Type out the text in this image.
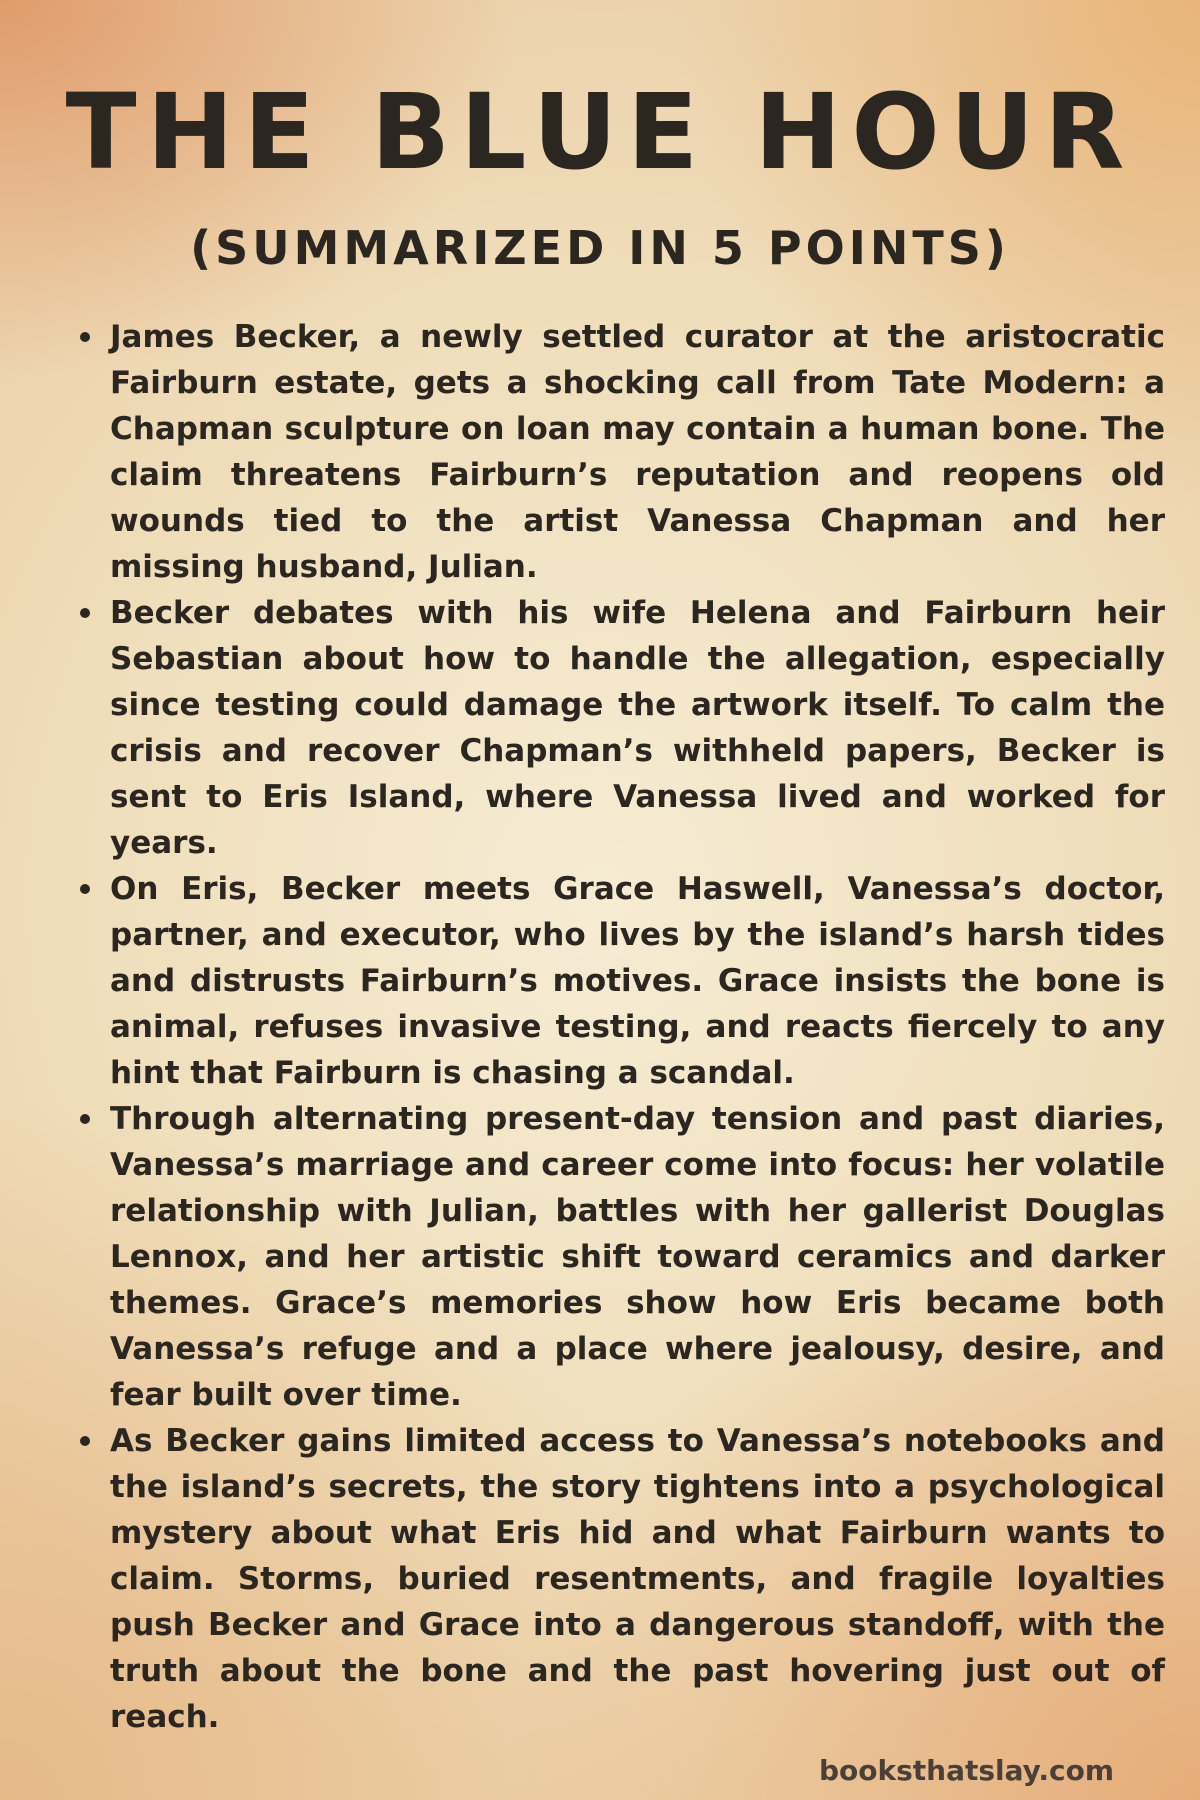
THE BLUE HOUR
(SUMMARIZED IN 5 POINTS)
James Becker, a newly settled curator at the aristocratic Fairburn estate, gets a shocking call from Tate Modern: a Chapman sculpture on loan may contain a human bone. The claim threatens Fairburn’s reputation and reopens old wounds tied to the artist Vanessa Chapman and her missing husband, Julian.
Becker debates with his wife Helena and Fairburn heir Sebastian about how to handle the allegation, especially since testing could damage the artwork itself. To calm the crisis and recover Chapman’s withheld papers, Becker is sent to Eris Island, where Vanessa lived and worked for years.
On Eris, Becker meets Grace Haswell, Vanessa’s doctor, partner, and executor, who lives by the island’s harsh tides and distrusts Fairburn’s motives. Grace insists the bone is animal, refuses invasive testing, and reacts fiercely to any hint that Fairburn is chasing a scandal.
Through alternating present-day tension and past diaries, Vanessa’s marriage and career come into focus: her volatile relationship with Julian, battles with her gallerist Douglas Lennox, and her artistic shift toward ceramics and darker themes. Grace’s memories show how Eris became both Vanessa’s refuge and a place where jealousy, desire, and fear built over time.
As Becker gains limited access to Vanessa’s notebooks and the island’s secrets, the story tightens into a psychological mystery about what Eris hid and what Fairburn wants to claim. Storms, buried resentments, and fragile loyalties push Becker and Grace into a dangerous standoff, with the truth about the bone and the past hovering just out of reach.
booksthatslay.com
